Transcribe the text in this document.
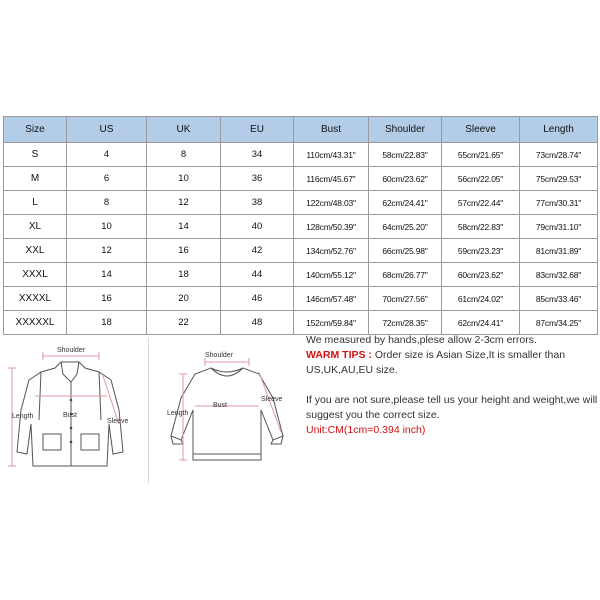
Size	US	UK	EU	Bust	Shoulder	Sleeve	Length
S	4	8	34	110cm/43.31''	58cm/22.83''	55cm/21.65''	73cm/28.74''
M	6	10	36	116cm/45.67''	60cm/23.62''	56cm/22.05''	75cm/29.53''
L	8	12	38	122cm/48.03''	62cm/24.41''	57cm/22.44''	77cm/30.31''
XL	10	14	40	128cm/50.39''	64cm/25.20''	58cm/22.83''	79cm/31.10''
XXL	12	16	42	134cm/52.76''	66cm/25.98''	59cm/23.23''	81cm/31.89''
XXXL	14	18	44	140cm/55.12''	68cm/26.77''	60cm/23.62''	83cm/32.68''
XXXXL	16	20	46	146cm/57.48''	70cm/27.56''	61cm/24.02''	85cm/33.46''
XXXXXL	18	22	48	152cm/59.84''	72cm/28.35''	62cm/24.41''	87cm/34.25''
Shoulder
Length	Bust
Sleeve
Shoulder
Length
Bust
Sleeve

We measured by hands,plese allow 2-3cm errors.

WARM TIPS : Order size is Asian Size,It is smaller than US,UK,AU,EU size.

If you are not sure,please tell us your height and weight,we will suggest you the correct size.

Unit:CM(1cm=0.394 inch)
